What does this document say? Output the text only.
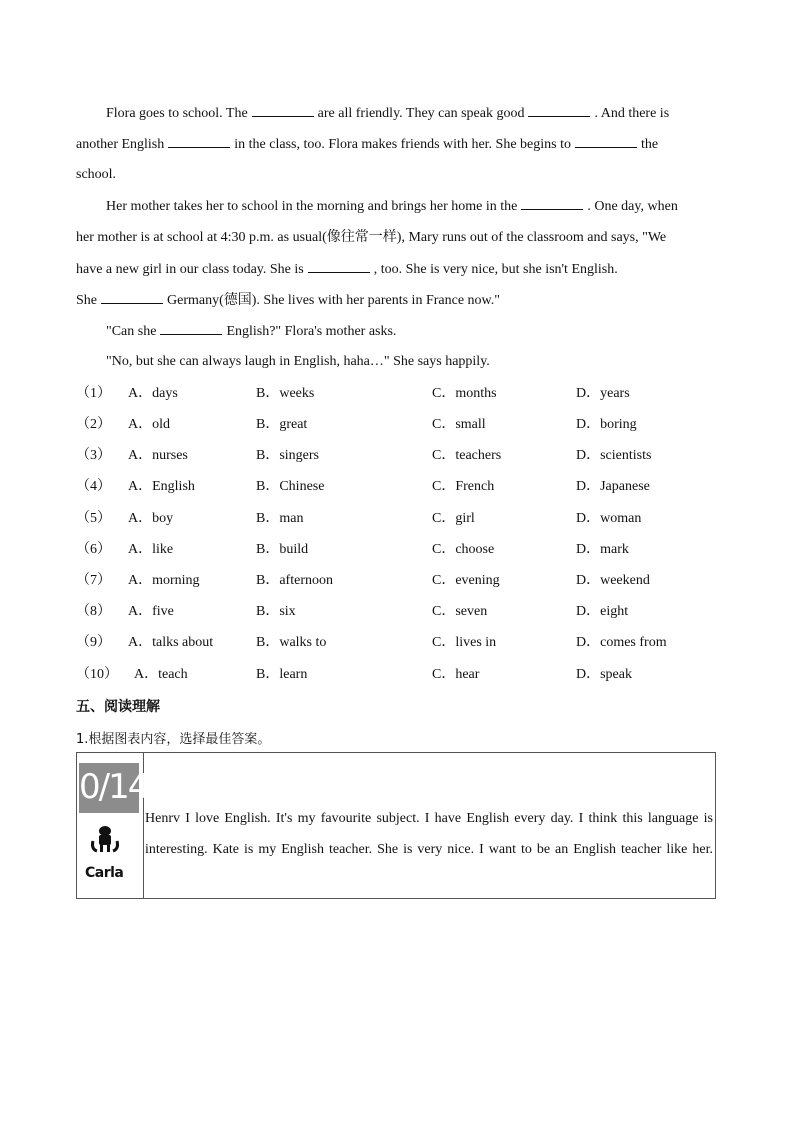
Flora goes to school. The	are all friendly. They can speak good	. And there is
another English	in the class, too. Flora makes friends with her. She begins to	the
school.
Her mother takes her to school in the morning and brings her home in the	. One day, when
her mother is at school at 4:30 p.m. as usual(像往常一样), Mary runs out of the classroom and says, "We
have a new girl in our class today. She is	, too. She is very nice, but she isn't English.
She	Germany(德国). She lives with her parents in France now."
"Can she	English?" Flora's mother asks.
"No, but she can always laugh in English, haha…" She says happily.
（1） A．days	B．weeks	C．months	D．years
（2） A．old	B．great	C．small	D．boring
（3） A．nurses	B．singers	C．teachers	D．scientists
（4） A．English	B．Chinese	C．French	D．Japanese
（5） A．boy	B．man	C．girl	D．woman
（6） A．like	B．build	C．choose	D．mark
（7） A．morning	B．afternoon	C．evening	D．weekend
（8） A．five	B．six	C．seven	D．eight
（9） A．talks about	B．walks to	C．lives in	D．comes from
（10） A．teach	B．learn	C．hear	D．speak
五、阅读理解
1.根据图表内容，选择最佳答案。
0/14
Carla
Henrv I love English. It's my favourite subject. I have English every day. I think this language is interesting. Kate is my English teacher. She is very nice. I want to be an English teacher like her.
